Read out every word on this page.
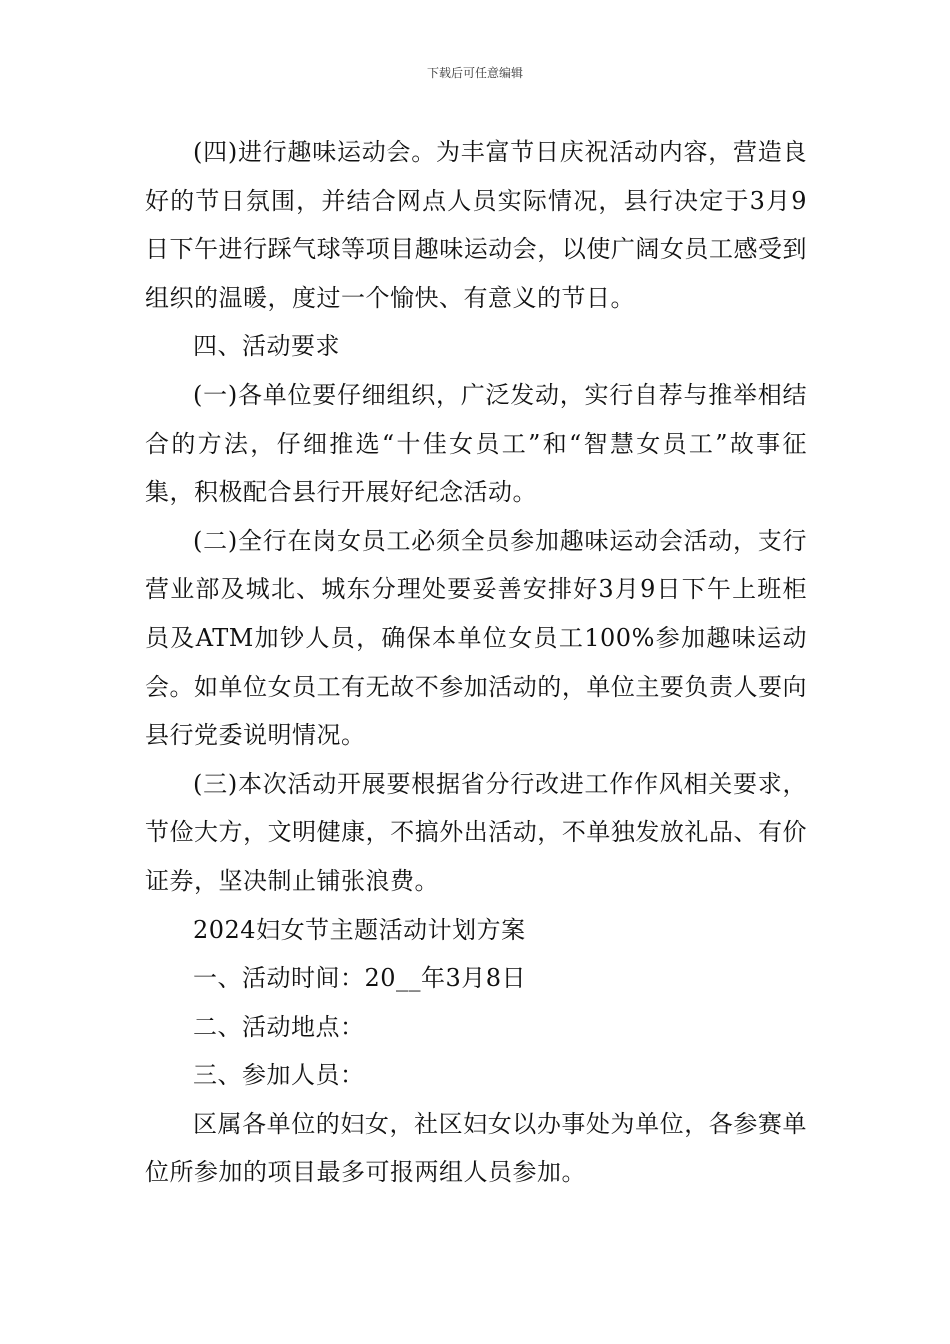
下载后可任意编辑

(四)进行趣味运动会。为丰富节日庆祝活动内容，营造良好的节日氛围，并结合网点人员实际情况，县行决定于3月9日下午进行踩气球等项目趣味运动会，以使广阔女员工感受到组织的温暖，度过一个愉快、有意义的节日。

四、活动要求

(一)各单位要仔细组织，广泛发动，实行自荐与推举相结合的方法，仔细推选“十佳女员工”和“智慧女员工”故事征集，积极配合县行开展好纪念活动。

(二)全行在岗女员工必须全员参加趣味运动会活动，支行营业部及城北、城东分理处要妥善安排好3月9日下午上班柜员及ATM加钞人员，确保本单位女员工100%参加趣味运动会。如单位女员工有无故不参加活动的，单位主要负责人要向县行党委说明情况。

(三)本次活动开展要根据省分行改进工作作风相关要求，节俭大方，文明健康，不搞外出活动，不单独发放礼品、有价证券，坚决制止铺张浪费。

2024妇女节主题活动计划方案

一、活动时间：20__年3月8日

二、活动地点：

三、参加人员：

区属各单位的妇女，社区妇女以办事处为单位，各参赛单位所参加的项目最多可报两组人员参加。
